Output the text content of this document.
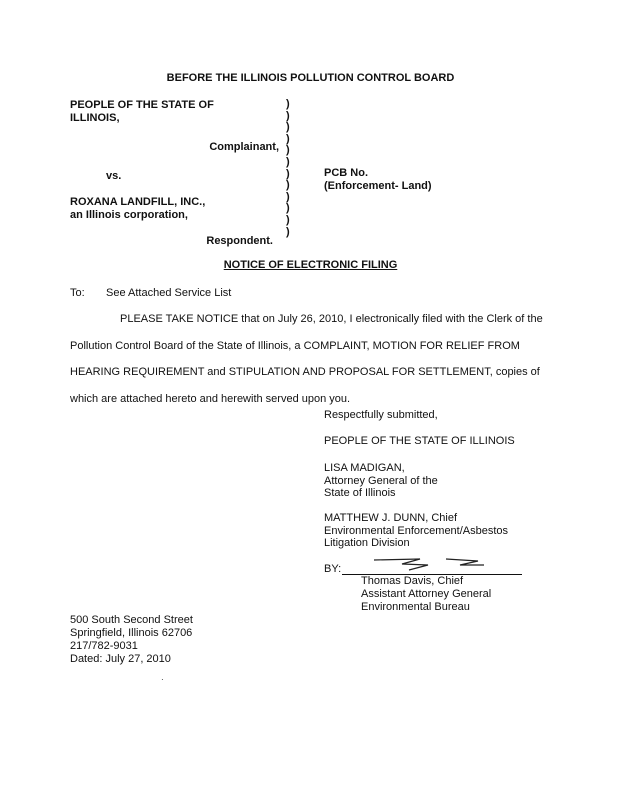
BEFORE THE ILLINOIS POLLUTION CONTROL BOARD
PEOPLE OF THE STATE OF
ILLINOIS,
Complainant,
vs.
ROXANA LANDFILL, INC.,
an Illinois corporation,
Respondent.
)
)
)
)
)
)
)
)
)
)
)
)
PCB No.
(Enforcement- Land)
NOTICE OF ELECTRONIC FILING
To: See Attached Service List
PLEASE TAKE NOTICE that on July 26, 2010, I electronically filed with the Clerk of the Pollution Control Board of the State of Illinois, a COMPLAINT, MOTION FOR RELIEF FROM HEARING REQUIREMENT and STIPULATION AND PROPOSAL FOR SETTLEMENT, copies of which are attached hereto and herewith served upon you.
Respectfully submitted,
PEOPLE OF THE STATE OF ILLINOIS
LISA MADIGAN,
Attorney General of the
State of Illinois
MATTHEW J. DUNN, Chief
Environmental Enforcement/Asbestos
Litigation Division
BY:
Thomas Davis, Chief
Assistant Attorney General
Environmental Bureau
500 South Second Street
Springfield, Illinois 62706
217/782-9031
Dated: July 27, 2010
·
